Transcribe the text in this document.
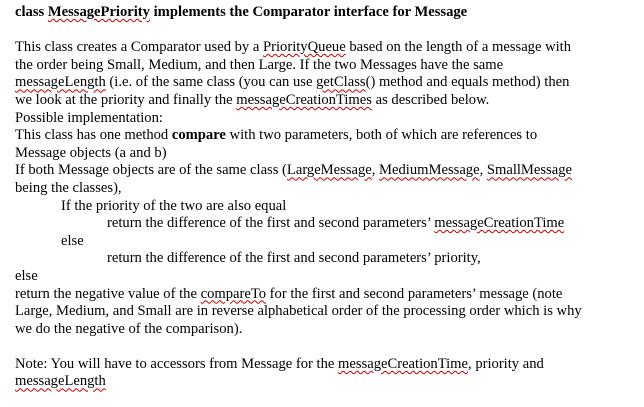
class MessagePriority implements the Comparator interface for Message
This class creates a Comparator used by a PriorityQueue based on the length of a message with
the order being Small, Medium, and then Large. If the two Messages have the same
messageLength (i.e. of the same class (you can use getClass() method and equals method) then
we look at the priority and finally the messageCreationTimes as described below.
Possible implementation:
This class has one method compare with two parameters, both of which are references to
Message objects (a and b)
If both Message objects are of the same class (LargeMessage, MediumMessage, SmallMessage
being the classes),
If the priority of the two are also equal
return the difference of the first and second parameters’ messageCreationTime
else
return the difference of the first and second parameters’ priority,
else
return the negative value of the compareTo for the first and second parameters’ message (note
Large, Medium, and Small are in reverse alphabetical order of the processing order which is why
we do the negative of the comparison).
Note: You will have to accessors from Message for the messageCreationTime, priority and
messageLength
